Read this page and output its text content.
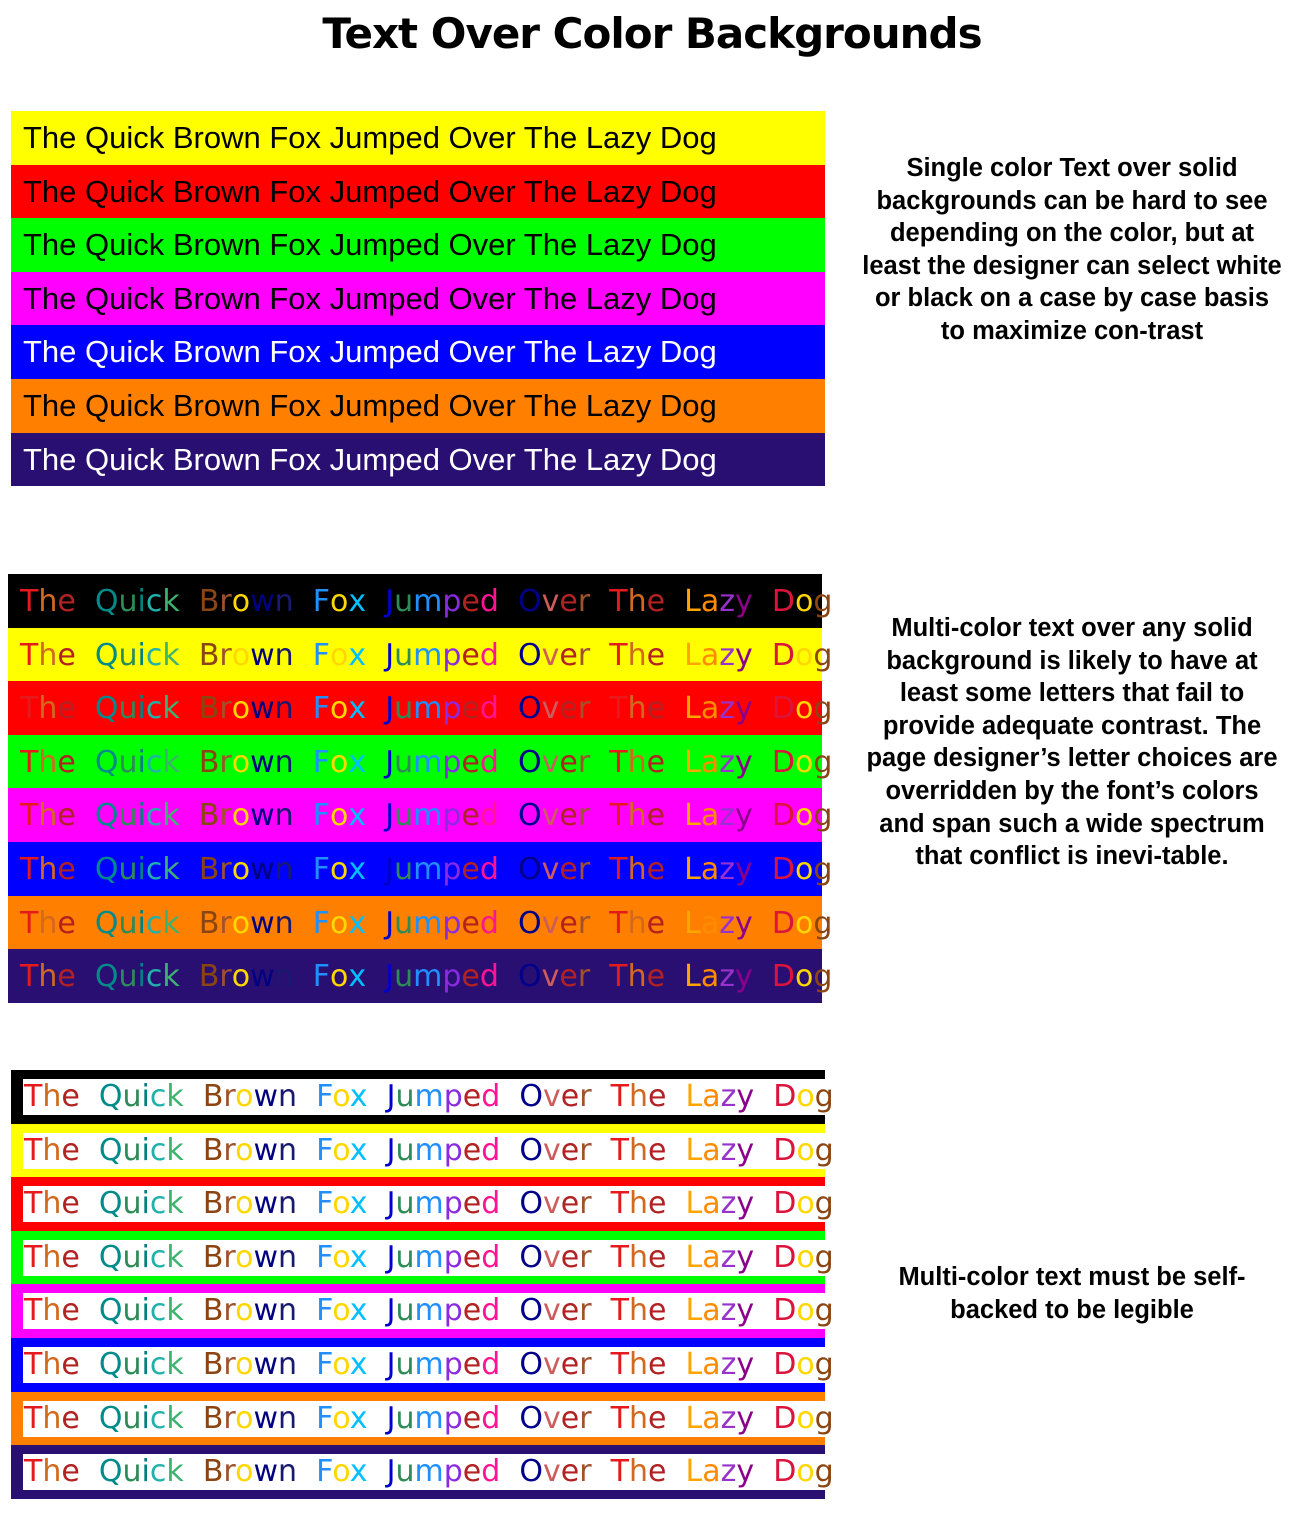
Text Over Color Backgrounds
The Quick Brown Fox Jumped Over The Lazy Dog
The Quick Brown Fox Jumped Over The Lazy Dog
The Quick Brown Fox Jumped Over The Lazy Dog
The Quick Brown Fox Jumped Over The Lazy Dog
The Quick Brown Fox Jumped Over The Lazy Dog
The Quick Brown Fox Jumped Over The Lazy Dog
The Quick Brown Fox Jumped Over The Lazy Dog
Single color Text over solid backgrounds can be hard to see depending on the color, but at least the designer can select white or black on a case by case basis to maximize con-trast
The Quick Brown Fox Jumped Over The Lazy Dog
The Quick Brown Fox Jumped Over The Lazy Dog
The Quick Brown Fox Jumped Over The Lazy Dog
The Quick Brown Fox Jumped Over The Lazy Dog
The Quick Brown Fox Jumped Over The Lazy Dog
The Quick Brown Fox Jumped Over The Lazy Dog
The Quick Brown Fox Jumped Over The Lazy Dog
The Quick Brown Fox Jumped Over The Lazy Dog
Multi-color text over any solid background is likely to have at least some letters that fail to provide adequate contrast. The page designer’s letter choices are overridden by the font’s colors and span such a wide spectrum that conflict is inevi-table.
The Quick Brown Fox Jumped Over The Lazy Dog
The Quick Brown Fox Jumped Over The Lazy Dog
The Quick Brown Fox Jumped Over The Lazy Dog
The Quick Brown Fox Jumped Over The Lazy Dog
The Quick Brown Fox Jumped Over The Lazy Dog
The Quick Brown Fox Jumped Over The Lazy Dog
The Quick Brown Fox Jumped Over The Lazy Dog
The Quick Brown Fox Jumped Over The Lazy Dog
Multi-color text must be self-backed to be legible
